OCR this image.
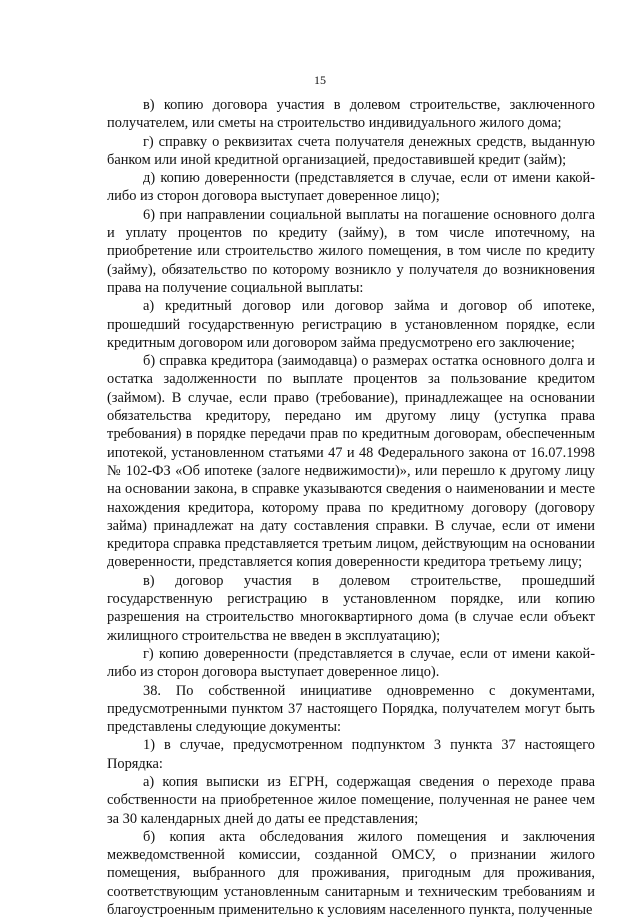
15

в) копию договора участия в долевом строительстве, заключенного получателем, или сметы на строительство индивидуального жилого дома;

г) справку о реквизитах счета получателя денежных средств, выданную банком или иной кредитной организацией, предоставившей кредит (займ);

д) копию доверенности (представляется в случае, если от имени какой-либо из сторон договора выступает доверенное лицо);

6) при направлении социальной выплаты на погашение основного долга и уплату процентов по кредиту (займу), в том числе ипотечному, на приобретение или строительство жилого помещения, в том числе по кредиту (займу), обязательство по которому возникло у получателя до возникновения права на получение социальной выплаты:

а) кредитный договор или договор займа и договор об ипотеке, прошедший государственную регистрацию в установленном порядке, если кредитным договором или договором займа предусмотрено его заключение;

б) справка кредитора (заимодавца) о размерах остатка основного долга и остатка задолженности по выплате процентов за пользование кредитом (займом). В случае, если право (требование), принадлежащее на основании обязательства кредитору, передано им другому лицу (уступка права требования) в порядке передачи прав по кредитным договорам, обеспеченным ипотекой, установленном статьями 47 и 48 Федерального закона от 16.07.1998 № 102-ФЗ «Об ипотеке (залоге недвижимости)», или перешло к другому лицу на основании закона, в справке указываются сведения о наименовании и месте нахождения кредитора, которому права по кредитному договору (договору займа) принадлежат на дату составления справки. В случае, если от имени кредитора справка представляется третьим лицом, действующим на основании доверенности, представляется копия доверенности кредитора третьему лицу;

в) договор участия в долевом строительстве, прошедший государственную регистрацию в установленном порядке, или копию разрешения на строительство многоквартирного дома (в случае если объект жилищного строительства не введен в эксплуатацию);

г) копию доверенности (представляется в случае, если от имени какой-либо из сторон договора выступает доверенное лицо).

38. По собственной инициативе одновременно с документами, предусмотренными пунктом 37 настоящего Порядка, получателем могут быть представлены следующие документы:

1) в случае, предусмотренном подпунктом 3 пункта 37 настоящего Порядка:

а) копия выписки из ЕГРН, содержащая сведения о переходе права собственности на приобретенное жилое помещение, полученная не ранее чем за 30 календарных дней до даты ее представления;

б) копия акта обследования жилого помещения и заключения межведомственной комиссии, созданной ОМСУ, о признании жилого помещения, выбранного для проживания, пригодным для проживания, соответствующим установленным санитарным и техническим требованиям и благоустроенным применительно к условиям населенного пункта, полученные
